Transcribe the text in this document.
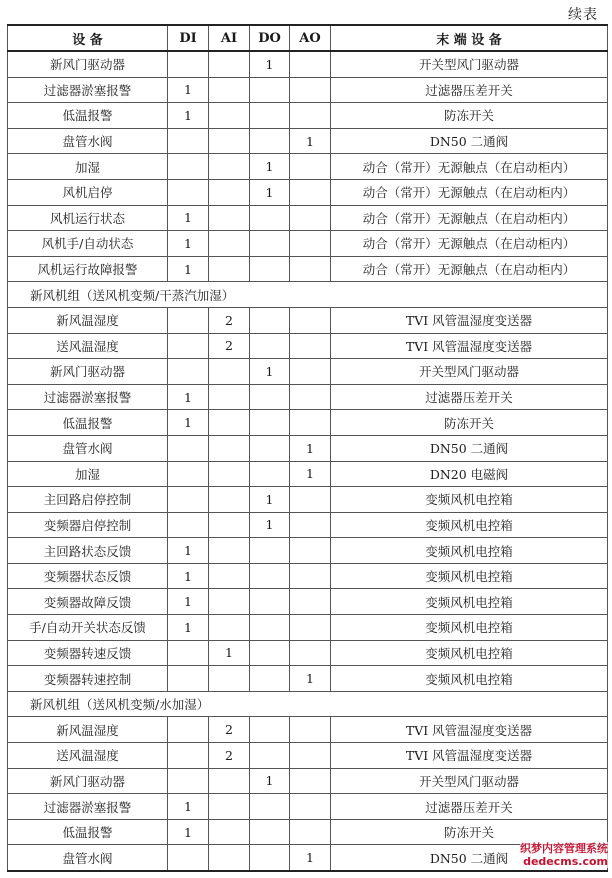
续表
设 备	DI	AI	DO	AO	末 端 设 备
新风门驱动器			1		开关型风门驱动器
过滤器淤塞报警	1				过滤器压差开关
低温报警	1				防冻开关
盘管水阀				1	DN50 二通阀
加湿			1		动合（常开）无源触点（在启动柜内）
风机启停			1		动合（常开）无源触点（在启动柜内）
风机运行状态	1				动合（常开）无源触点（在启动柜内）
风机手/自动状态	1				动合（常开）无源触点（在启动柜内）
风机运行故障报警	1				动合（常开）无源触点（在启动柜内）
新风机组（送风机变频/干蒸汽加湿）					
新风温湿度		2			TVI 风管温湿度变送器
送风温湿度		2			TVI 风管温湿度变送器
新风门驱动器			1		开关型风门驱动器
过滤器淤塞报警	1				过滤器压差开关
低温报警	1				防冻开关
盘管水阀				1	DN50 二通阀
加湿				1	DN20 电磁阀
主回路启停控制			1		变频风机电控箱
变频器启停控制			1		变频风机电控箱
主回路状态反馈	1				变频风机电控箱
变频器状态反馈	1				变频风机电控箱
变频器故障反馈	1				变频风机电控箱
手/自动开关状态反馈	1				变频风机电控箱
变频器转速反馈		1			变频风机电控箱
变频器转速控制				1	变频风机电控箱
新风机组（送风机变频/水加湿）					
新风温湿度		2			TVI 风管温湿度变送器
送风温湿度		2			TVI 风管温湿度变送器
新风门驱动器			1		开关型风门驱动器
过滤器淤塞报警	1				过滤器压差开关
低温报警	1				防冻开关
盘管水阀				1	DN50 二通阀
织梦内容管理系统
dedecms.com
